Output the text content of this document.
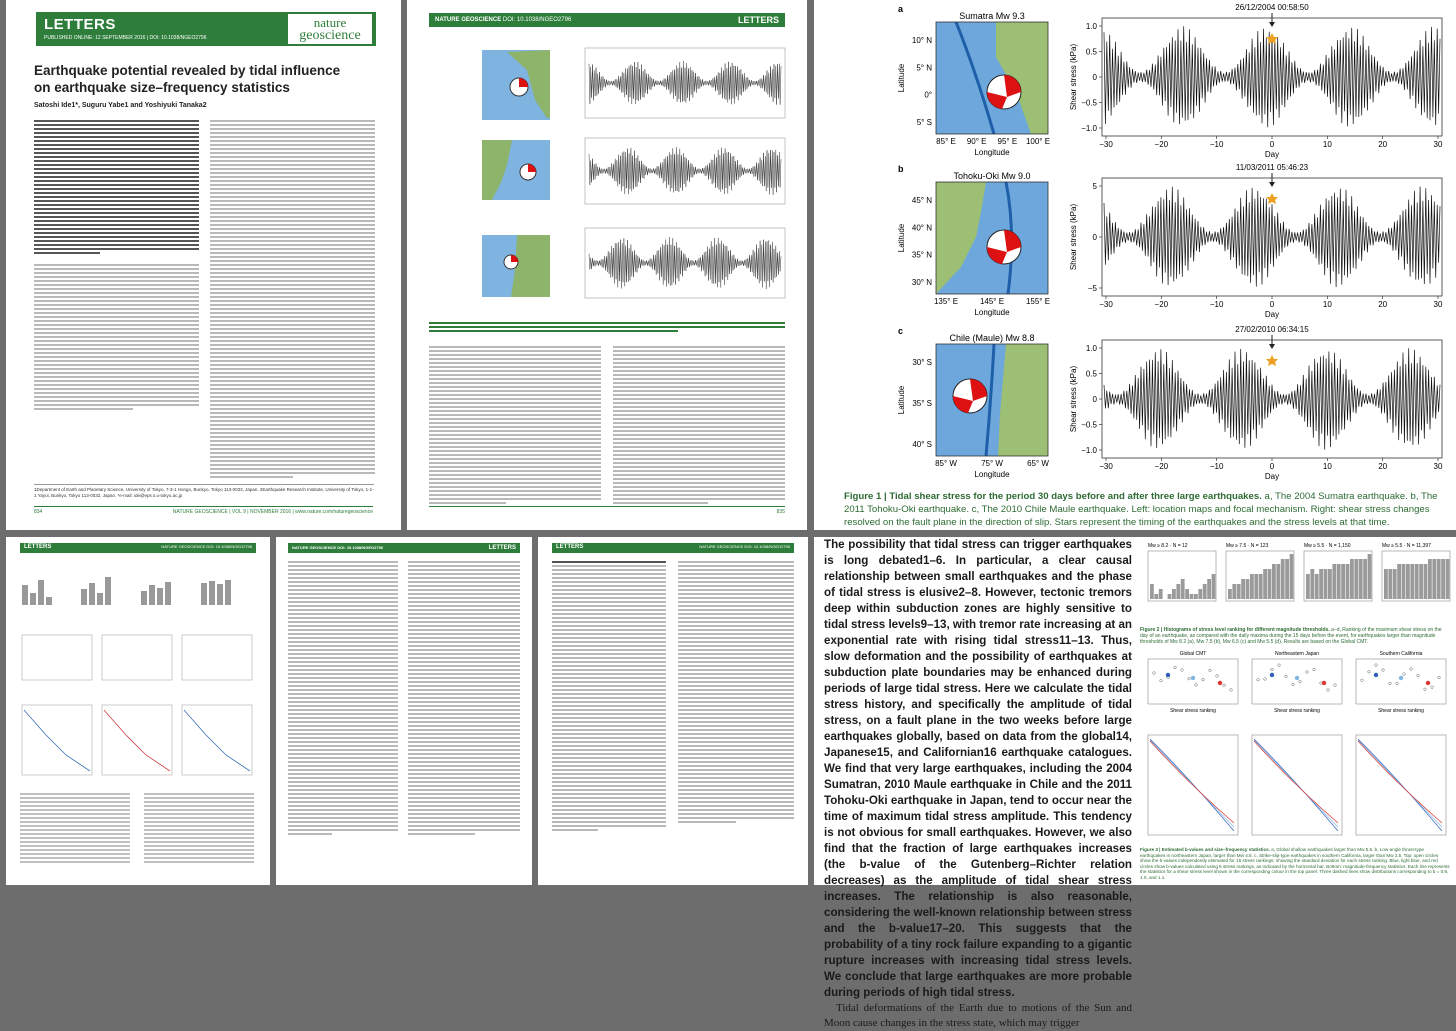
LETTERS
PUBLISHED ONLINE: 12 SEPTEMBER 2016 | DOI: 10.1038/NGEO2796
nature
geoscience
Earthquake potential revealed by tidal influence
on earthquake size–frequency statistics
Satoshi Ide1*, Suguru Yabe1 and Yoshiyuki Tanaka2
1Department of Earth and Planetary Science, University of Tokyo, 7-3-1 Hongo, Bunkyo, Tokyo 113-0033, Japan. 2Earthquake Research Institute, University of Tokyo, 1-1-1 Yayoi, Bunkyo, Tokyo 113-0032, Japan. *e-mail: ide@eps.s.u-tokyo.ac.jp
834	NATURE GEOSCIENCE | VOL 9 | NOVEMBER 2016 | www.nature.com/naturegeoscience
NATURE GEOSCIENCE DOI: 10.1038/NGEO2796	LETTERS
835
LETTERS	NATURE GEOSCIENCE DOI: 10.1038/NGEO2796	NATURE GEOSCIENCE DOI: 10.1038/NGEO2796	LETTERS	LETTERS	NATURE GEOSCIENCE DOI: 10.1038/NGEO2796
a
Sumatra Mw 9.3
10° N
5° N
0°
5° S
85° E 90° E 95° E 100° E
Longitude
Latitude
1.0
0.5
0
−0.5
−1.0
−30	−20	−10	0	10	20	30
Day
Shear stress (kPa)
26/12/2004 00:58:50
b
Tohoku-Oki Mw 9.0
45° N
40° N
35° N
30° N
135° E	145° E	155° E
Longitude
Latitude
5
0
−5
−30	−20	−10	0	10	20	30
Day
Shear stress (kPa)
11/03/2011 05:46:23
c
Chile (Maule) Mw 8.8
30° S
35° S
40° S
85° W	75° W	65° W
Longitude
Latitude
1.0
0.5
0
−0.5
−1.0
−30	−20	−10	0	10	20	30
Day
Shear stress (kPa)
27/02/2010 06:34:15
Figure 1 | Tidal shear stress for the period 30 days before and after three large earthquakes. a, The 2004 Sumatra earthquake. b, The 2011 Tohoku-Oki earthquake. c, The 2010 Chile Maule earthquake. Left: location maps and focal mechanism. Right: shear stress changes resolved on the fault plane in the direction of slip. Stars represent the timing of the earthquakes and the stress levels at that time.
The possibility that tidal stress can trigger earthquakes is long debated1–6. In particular, a clear causal relationship between small earthquakes and the phase of tidal stress is elusive2–8. However, tectonic tremors deep within subduction zones are highly sensitive to tidal stress levels9–13, with tremor rate increasing at an exponential rate with rising tidal stress11–13. Thus, slow deformation and the possibility of earthquakes at subduction plate boundaries may be enhanced during periods of large tidal stress. Here we calculate the tidal stress history, and specifically the amplitude of tidal stress, on a fault plane in the two weeks before large earthquakes globally, based on data from the global14, Japanese15, and Californian16 earthquake catalogues. We find that very large earthquakes, including the 2004 Sumatran, 2010 Maule earthquake in Chile and the 2011 Tohoku-Oki earthquake in Japan, tend to occur near the time of maximum tidal stress amplitude. This tendency is not obvious for small earthquakes. However, we also find that the fraction of large earthquakes increases (the b-value of the Gutenberg–Richter relation decreases) as the amplitude of tidal shear stress increases. The relationship is also reasonable, considering the well-known relationship between stress and the b-value17–20. This suggests that the probability of a tiny rock failure expanding to a gigantic rupture increases with increasing tidal stress levels. We conclude that large earthquakes are more probable during periods of high tidal stress.
Tidal deformations of the Earth due to motions of the Sun and Moon cause changes in the stress state, which may trigger
Mw ≥ 8.2 · N = 12	Mw ≥ 7.5 · N = 123	Mw ≥ 5.5 · N = 1,150	Mw ≥ 5.5 · N = 11,397
Figure 2 | Histograms of stress level ranking for different magnitude thresholds. a–d, Ranking of the maximum shear stress on the day of an earthquake, as compared with the daily maxima during the 15 days before the event, for earthquakes larger than magnitude thresholds of Mw 8.2 (a), Mw 7.5 (b), Mw 6.5 (c) and Mw 5.5 (d). Results are based on the Global CMT.
Global CMT
Shear stress ranking
Northeastern Japan
Shear stress ranking
Southern California
Shear stress ranking
Figure 3 | Estimated b-values and size–frequency statistics. a, Global shallow earthquakes larger than Mw 5.5. b, Low-angle thrust-type earthquakes in northeastern Japan, larger than Mw 4.5. c, Strike-slip-type earthquakes in southern California, larger than Mw 2.5. Top: open circles show the b-values independently estimated for 15 stress rankings, showing the standard deviation for each stress ranking. Blue, light blue, and red circles show b-values calculated using 5 stress rankings, as indicated by the horizontal bar. Bottom: magnitude-frequency statistics. Each line represents the statistics for a shear stress level shown in the corresponding colour in the top panel. Three dashed lines show distributions corresponding to b = 0.9, 1.0, and 1.1.
